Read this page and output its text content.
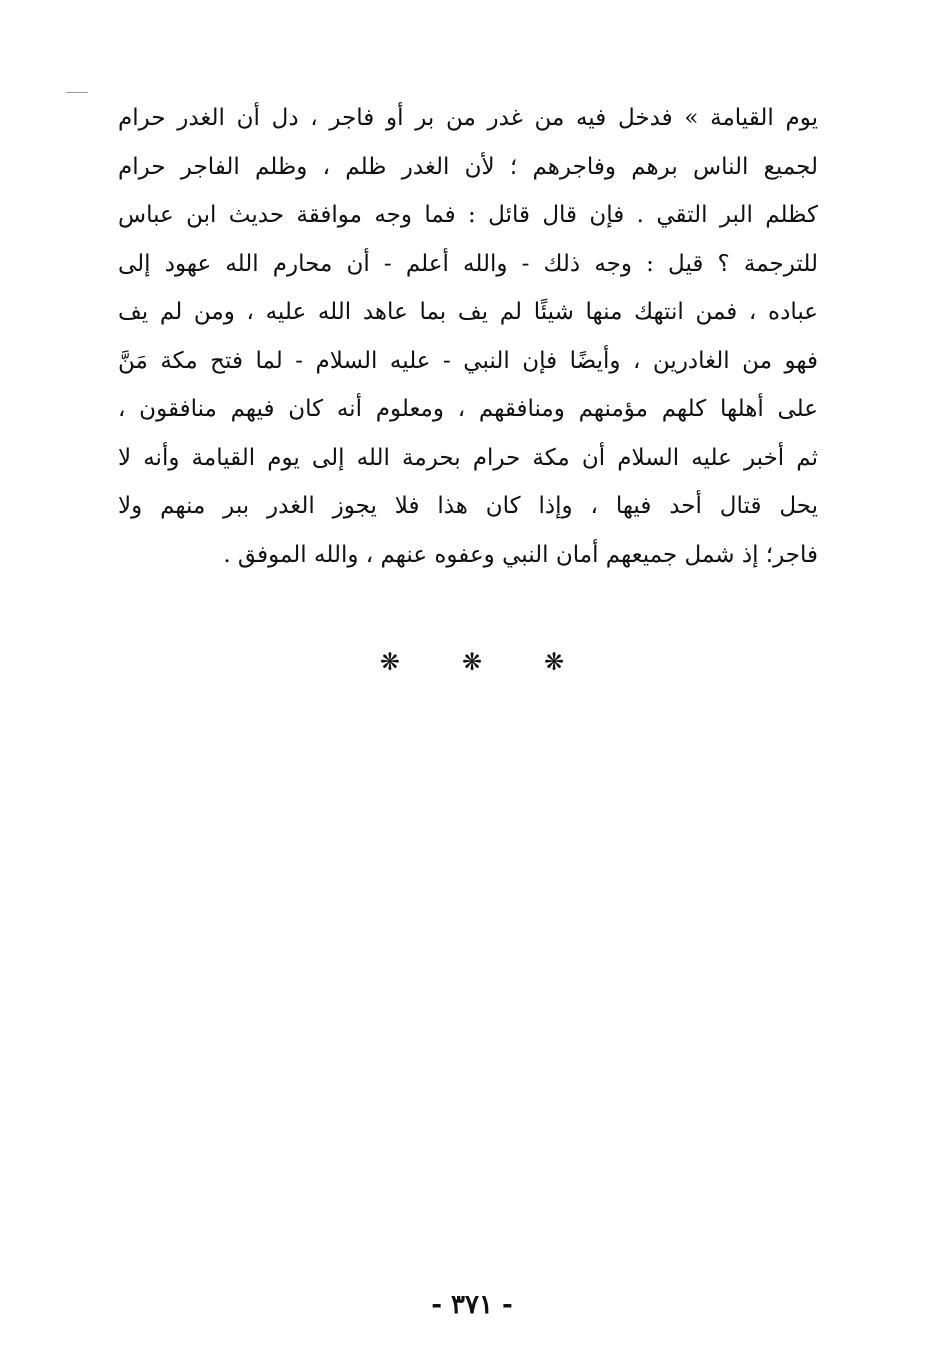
يوم القيامة » فدخل فيه من غدر من بر أو فاجر ، دل أن الغدر حرام
لجميع الناس برهم وفاجرهم ؛ لأن الغدر ظلم ، وظلم الفاجر حرام
كظلم البر التقي . فإن قال قائل : فما وجه موافقة حديث ابن عباس
للترجمة ؟ قيل : وجه ذلك - والله أعلم - أن محارم الله عهود إلى
عباده ، فمن انتهك منها شيئًا لم يف بما عاهد الله عليه ، ومن لم يف
فهو من الغادرين ، وأيضًا فإن النبي - عليه السلام - لما فتح مكة مَنَّ
على أهلها كلهم مؤمنهم ومنافقهم ، ومعلوم أنه كان فيهم منافقون ،
ثم أخبر عليه السلام أن مكة حرام بحرمة الله إلى يوم القيامة وأنه لا
يحل قتال أحد فيها ، وإذا كان هذا فلا يجوز الغدر ببر منهم ولا
فاجر؛ إذ شمل جميعهم أمان النبي وعفوه عنهم ، والله الموفق .
❋	❋	❋
- ٣٧١ -
